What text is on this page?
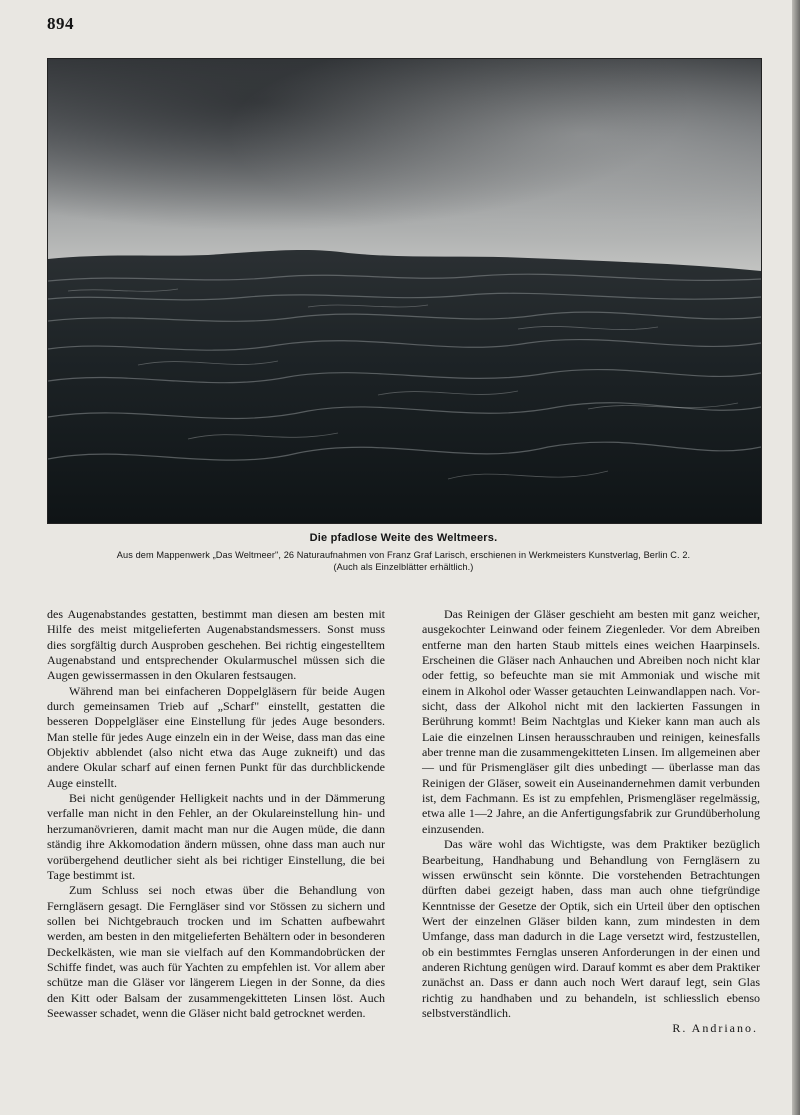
894
Die pfadlose Weite des Weltmeers.
Aus dem Mappenwerk „Das Weltmeer", 26 Naturaufnahmen von Franz Graf Larisch, erschienen in Werkmeisters Kunstverlag, Berlin C. 2.
(Auch als Einzelblätter erhältlich.)

des Augenabstandes gestatten, bestimmt man diesen am besten mit Hilfe des meist mitgelieferten Augenabstandsmessers. Sonst muss dies sorgfältig durch Ausproben geschehen. Bei richtig eingestelltem Augenabstand und entsprechender Okularmuschel müssen sich die Augen gewissermassen in den Okularen festsaugen.

Während man bei einfacheren Doppelgläsern für beide Augen durch gemeinsamen Trieb auf „Scharf" einstellt, gestatten die besseren Doppelgläser eine Einstellung für jedes Auge besonders. Man stelle für jedes Auge einzeln ein in der Weise, dass man das eine Objektiv abblendet (also nicht etwa das Auge zukneift) und das andere Okular scharf auf einen fernen Punkt für das durchblickende Auge einstellt.

Bei nicht genügender Helligkeit nachts und in der Dämmerung verfalle man nicht in den Fehler, an der Okulareinstellung hin- und herzumanövrieren, damit macht man nur die Augen müde, die dann ständig ihre Akkomodation ändern müssen, ohne dass man auch nur vorübergehend deutlicher sieht als bei richtiger Einstellung, die bei Tage bestimmt ist.

Zum Schluss sei noch etwas über die Behandlung von Ferngläsern gesagt. Die Ferngläser sind vor Stössen zu sichern und sollen bei Nichtgebrauch trocken und im Schatten aufbewahrt werden, am besten in den mitgelieferten Behältern oder in besonderen Deckelkästen, wie man sie vielfach auf den Kommandobrücken der Schiffe findet, was auch für Yachten zu empfehlen ist. Vor allem aber schütze man die Gläser vor längerem Liegen in der Sonne, da dies den Kitt oder Balsam der zusammengekitteten Linsen löst. Auch Seewasser schadet, wenn die Gläser nicht bald getrocknet werden.

Das Reinigen der Gläser geschieht am besten mit ganz weicher, ausgekochter Leinwand oder feinem Ziegenleder. Vor dem Abreiben entferne man den harten Staub mittels eines weichen Haarpinsels. Erscheinen die Gläser nach Anhauchen und Abreiben noch nicht klar oder fettig, so befeuchte man sie mit Ammoniak und wische mit einem in Alkohol oder Wasser getauchten Leinwandlappen nach. Vorsicht, dass der Alkohol nicht mit den lackierten Fassungen in Berührung kommt! Beim Nachtglas und Kieker kann man auch als Laie die einzelnen Linsen herausschrauben und reinigen, keinesfalls aber trenne man die zusammengekitteten Linsen. Im allgemeinen aber — und für Prismengläser gilt dies unbedingt — überlasse man das Reinigen der Gläser, soweit ein Auseinandernehmen damit verbunden ist, dem Fachmann. Es ist zu empfehlen, Prismengläser regelmässig, etwa alle 1—2 Jahre, an die Anfertigungsfabrik zur Grundüberholung einzusenden.

Das wäre wohl das Wichtigste, was dem Praktiker bezüglich Bearbeitung, Handhabung und Behandlung von Ferngläsern zu wissen erwünscht sein könnte. Die vorstehenden Betrachtungen dürften dabei gezeigt haben, dass man auch ohne tiefgründige Kenntnisse der Gesetze der Optik, sich ein Urteil über den optischen Wert der einzelnen Gläser bilden kann, zum mindesten in dem Umfange, dass man dadurch in die Lage versetzt wird, festzustellen, ob ein bestimmtes Fernglas unseren Anforderungen in der einen und anderen Richtung genügen wird. Darauf kommt es aber dem Praktiker zunächst an. Dass er dann auch noch Wert darauf legt, sein Glas richtig zu handhaben und zu behandeln, ist schliesslich ebenso selbstverständlich.

R. Andriano.
